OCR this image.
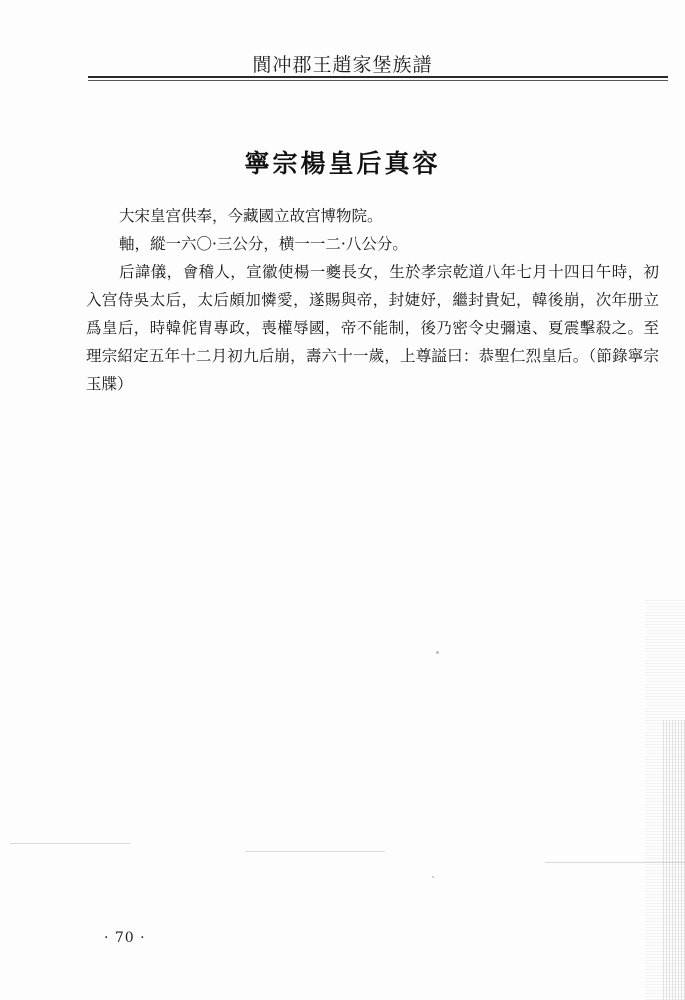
閬冲郡王趙家堡族譜
寧宗楊皇后真容

大宋皇宫供奉，今藏國立故宫博物院。

軸，縱一六〇·三公分，横一一二·八公分。

后諱儀，會稽人，宣徽使楊一夔長女，生於孝宗乾道八年七月十四日午時，初入宫侍吳太后，太后頗加憐愛，遂賜與帝，封婕妤，繼封貴妃，韓後崩，次年册立爲皇后，時韓侂胄專政，喪權辱國，帝不能制，後乃密令史彌遠、夏震擊殺之。至理宗紹定五年十二月初九后崩，壽六十一歲，上尊謚曰：恭聖仁烈皇后。（節錄寧宗玉牒）

· 70 ·
